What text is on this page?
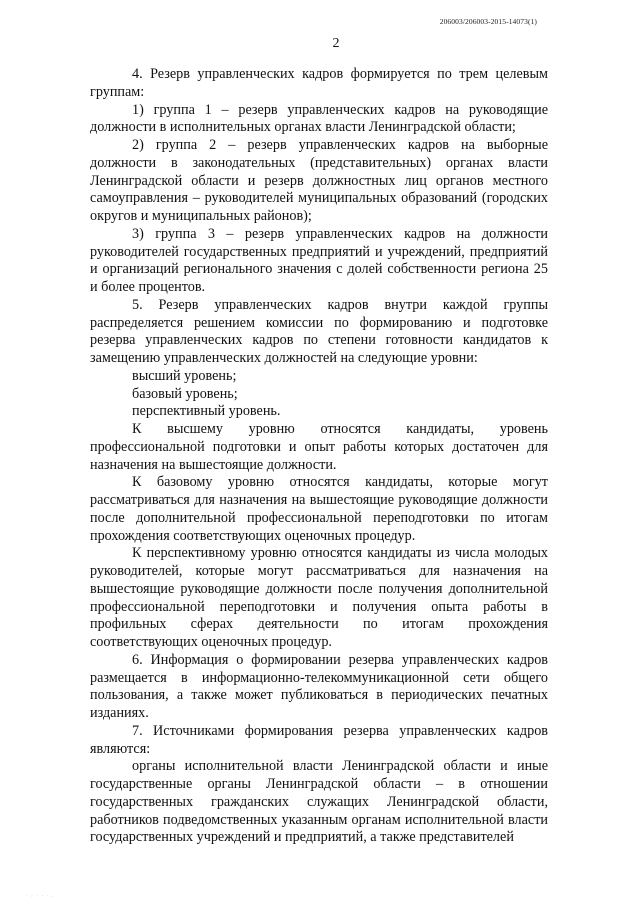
206003/206003-2015-14073(1)
2

4. Резерв управленческих кадров формируется по трем целевым группам:

1) группа 1 – резерв управленческих кадров на руководящие должности в исполнительных органах власти Ленинградской области;

2) группа 2 – резерв управленческих кадров на выборные должности в законодательных (представительных) органах власти Ленинградской области и резерв должностных лиц органов местного самоуправления – руководителей муниципальных образований (городских округов и муниципальных районов);

3) группа 3 – резерв управленческих кадров на должности руководителей государственных предприятий и учреждений, предприятий и организаций регионального значения с долей собственности региона 25 и более процентов.

5. Резерв управленческих кадров внутри каждой группы распределяется решением комиссии по формированию и подготовке резерва управленческих кадров по степени готовности кандидатов к замещению управленческих должностей на следующие уровни:

высший уровень;

базовый уровень;

перспективный уровень.

К высшему уровню относятся кандидаты, уровень профессиональной подготовки и опыт работы которых достаточен для назначения на вышестоящие должности.

К базовому уровню относятся кандидаты, которые могут рассматриваться для назначения на вышестоящие руководящие должности после дополнительной профессиональной переподготовки по итогам прохождения соответствующих оценочных процедур.

К перспективному уровню относятся кандидаты из числа молодых руководителей, которые могут рассматриваться для назначения на вышестоящие руководящие должности после получения дополнительной профессиональной переподготовки и получения опыта работы в профильных сферах деятельности по итогам прохождения соответствующих оценочных процедур.

6. Информация о формировании резерва управленческих кадров размещается в информационно-телекоммуникационной сети общего пользования, а также может публиковаться в периодических печатных изданиях.

7. Источниками формирования резерва управленческих кадров являются:

органы исполнительной власти Ленинградской области и иные государственные органы Ленинградской области – в отношении государственных гражданских служащих Ленинградской области, работников подведомственных указанным органам исполнительной власти государственных учреждений и предприятий, а также представителей

· . · · · .
